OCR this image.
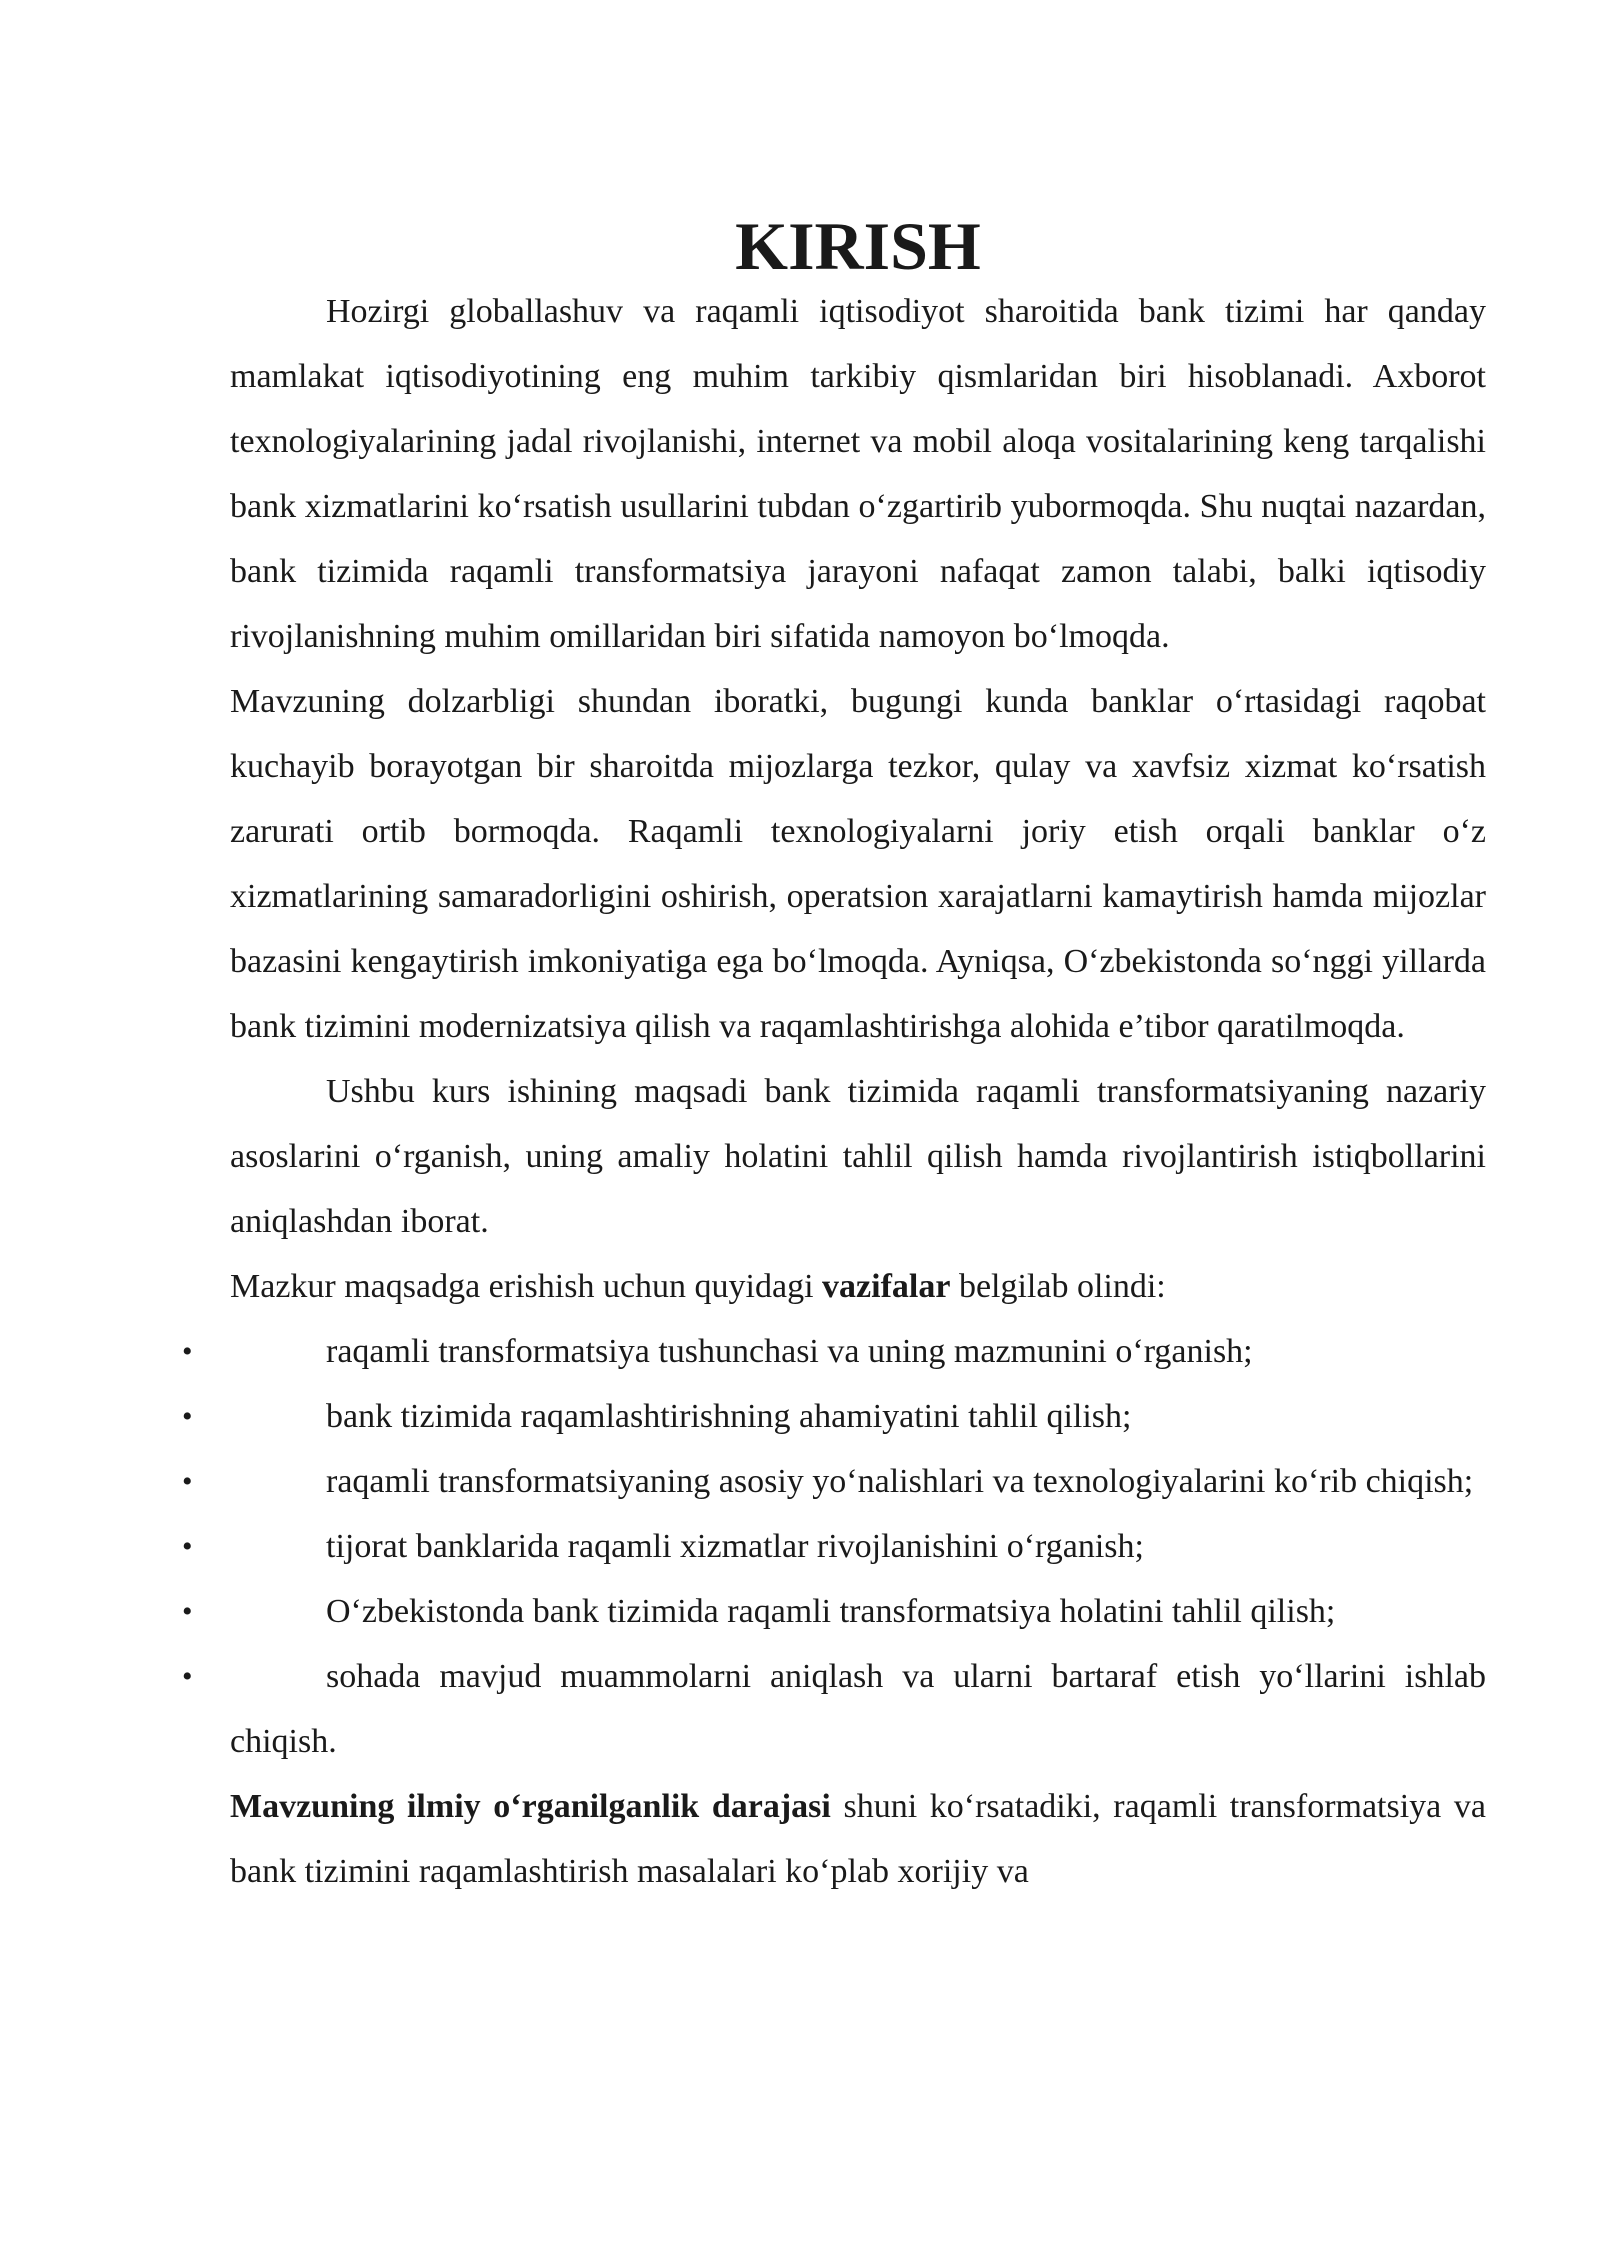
KIRISH

Hozirgi globallashuv va raqamli iqtisodiyot sharoitida bank tizimi har qanday mamlakat iqtisodiyotining eng muhim tarkibiy qismlaridan biri hisoblanadi. Axborot texnologiyalarining jadal rivojlanishi, internet va mobil aloqa vositalarining keng tarqalishi bank xizmatlarini ko‘rsatish usullarini tubdan o‘zgartirib yubormoqda. Shu nuqtai nazardan, bank tizimida raqamli transformatsiya jarayoni nafaqat zamon talabi, balki iqtisodiy rivojlanishning muhim omillaridan biri sifatida namoyon bo‘lmoqda.

Mavzuning dolzarbligi shundan iboratki, bugungi kunda banklar o‘rtasidagi raqobat kuchayib borayotgan bir sharoitda mijozlarga tezkor, qulay va xavfsiz xizmat ko‘rsatish zarurati ortib bormoqda. Raqamli texnologiyalarni joriy etish orqali banklar o‘z xizmatlarining samaradorligini oshirish, operatsion xarajatlarni kamaytirish hamda mijozlar bazasini kengaytirish imkoniyatiga ega bo‘lmoqda. Ayniqsa, O‘zbekistonda so‘nggi yillarda bank tizimini modernizatsiya qilish va raqamlashtirishga alohida e’tibor qaratilmoqda.

Ushbu kurs ishining maqsadi bank tizimida raqamli transformatsiyaning nazariy asoslarini o‘rganish, uning amaliy holatini tahlil qilish hamda rivojlantirish istiqbollarini aniqlashdan iborat.

Mazkur maqsadga erishish uchun quyidagi vazifalar belgilab olindi:

•	raqamli transformatsiya tushunchasi va uning mazmunini o‘rganish;
•	bank tizimida raqamlashtirishning ahamiyatini tahlil qilish;
•	raqamli transformatsiyaning asosiy yo‘nalishlari va texnologiyalarini ko‘rib chiqish;
•	tijorat banklarida raqamli xizmatlar rivojlanishini o‘rganish;
•	O‘zbekistonda bank tizimida raqamli transformatsiya holatini tahlil qilish;
•	sohada mavjud muammolarni aniqlash va ularni bartaraf etish yo‘llarini ishlab chiqish.

Mavzuning ilmiy o‘rganilganlik darajasi shuni ko‘rsatadiki, raqamli transformatsiya va bank tizimini raqamlashtirish masalalari ko‘plab xorijiy va
